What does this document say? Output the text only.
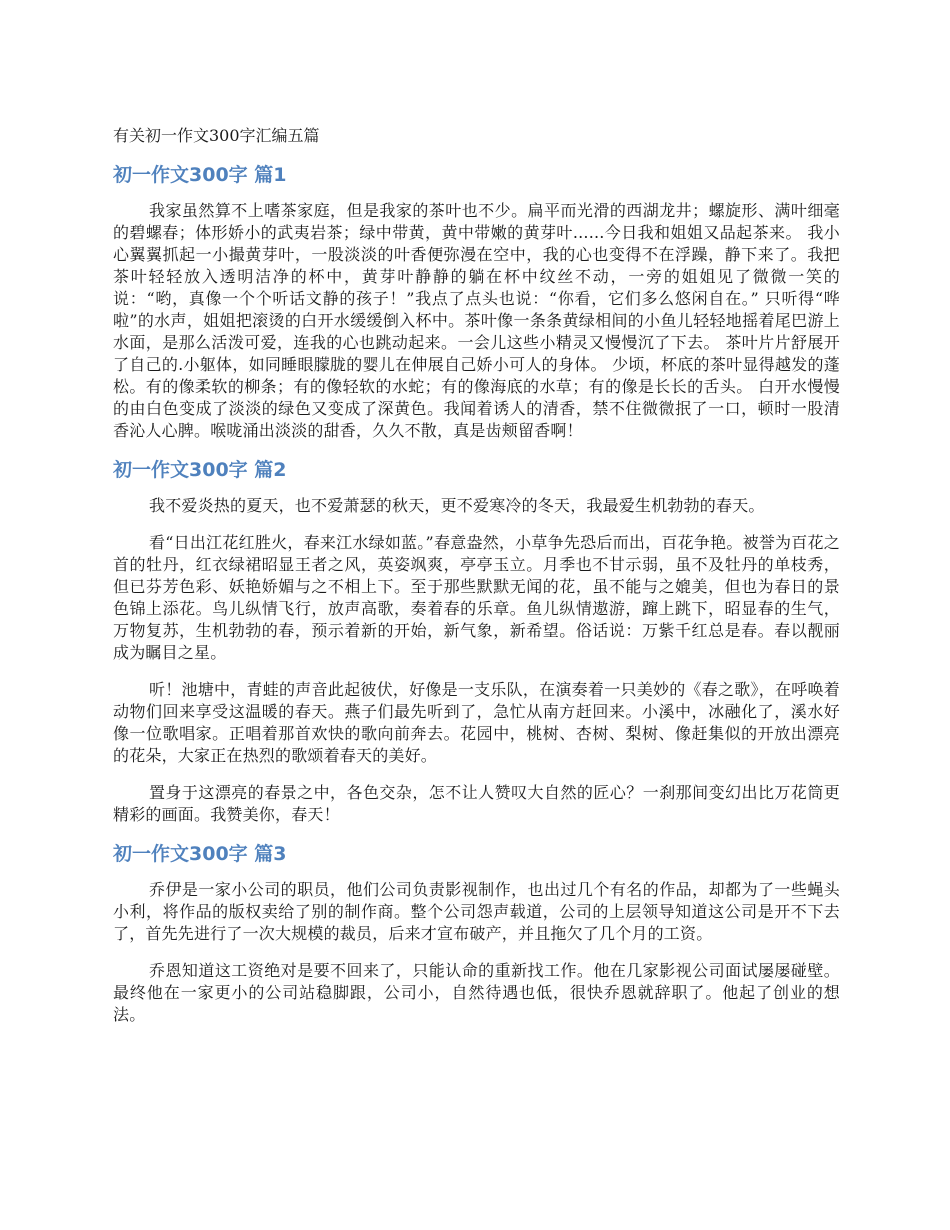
有关初一作文300字汇编五篇
初一作文300字 篇1

我家虽然算不上嗜茶家庭，但是我家的茶叶也不少。扁平而光滑的西湖龙井；螺旋形、满叶细毫的碧螺春；体形娇小的武夷岩茶；绿中带黄，黄中带嫩的黄芽叶......今日我和姐姐又品起茶来。 我小心翼翼抓起一小撮黄芽叶，一股淡淡的叶香便弥漫在空中，我的心也变得不在浮躁，静下来了。我把茶叶轻轻放入透明洁净的杯中，黄芽叶静静的躺在杯中纹丝不动，一旁的姐姐见了微微一笑的说：“哟，真像一个个听话文静的孩子！”我点了点头也说：“你看，它们多么悠闲自在。” 只听得“哗啦”的水声，姐姐把滚烫的白开水缓缓倒入杯中。茶叶像一条条黄绿相间的小鱼儿轻轻地摇着尾巴游上水面，是那么活泼可爱，连我的心也跳动起来。一会儿这些小精灵又慢慢沉了下去。 茶叶片片舒展开了自己的.小躯体，如同睡眼朦胧的婴儿在伸展自己娇小可人的身体。 少顷，杯底的茶叶显得越发的蓬松。有的像柔软的柳条；有的像轻软的水蛇；有的像海底的水草；有的像是长长的舌头。 白开水慢慢的由白色变成了淡淡的绿色又变成了深黄色。我闻着诱人的清香，禁不住微微抿了一口，顿时一股清香沁人心脾。喉咙涌出淡淡的甜香，久久不散，真是齿颊留香啊！

初一作文300字 篇2

我不爱炎热的夏天，也不爱萧瑟的秋天，更不爱寒冷的冬天，我最爱生机勃勃的春天。

看“日出江花红胜火，春来江水绿如蓝。”春意盎然，小草争先恐后而出，百花争艳。被誉为百花之首的牡丹，红衣绿裙昭显王者之风，英姿飒爽，亭亭玉立。月季也不甘示弱，虽不及牡丹的单枝秀，但已芬芳色彩、妖艳娇媚与之不相上下。至于那些默默无闻的花，虽不能与之媲美，但也为春日的景色锦上添花。鸟儿纵情飞行，放声高歌，奏着春的乐章。鱼儿纵情遨游，蹿上跳下，昭显春的生气，万物复苏，生机勃勃的春，预示着新的开始，新气象，新希望。俗话说：万紫千红总是春。春以靓丽成为瞩目之星。

听！池塘中，青蛙的声音此起彼伏，好像是一支乐队，在演奏着一只美妙的《春之歌》，在呼唤着动物们回来享受这温暖的春天。燕子们最先听到了，急忙从南方赶回来。小溪中，冰融化了，溪水好像一位歌唱家。正唱着那首欢快的歌向前奔去。花园中，桃树、杏树、梨树、像赶集似的开放出漂亮的花朵，大家正在热烈的歌颂着春天的美好。

置身于这漂亮的春景之中，各色交杂，怎不让人赞叹大自然的匠心？一刹那间变幻出比万花筒更精彩的画面。我赞美你，春天！

初一作文300字 篇3

乔伊是一家小公司的职员，他们公司负责影视制作，也出过几个有名的作品，却都为了一些蝇头小利，将作品的版权卖给了别的制作商。整个公司怨声载道，公司的上层领导知道这公司是开不下去了，首先先进行了一次大规模的裁员，后来才宣布破产，并且拖欠了几个月的工资。

乔恩知道这工资绝对是要不回来了，只能认命的重新找工作。他在几家影视公司面试屡屡碰壁。最终他在一家更小的公司站稳脚跟，公司小，自然待遇也低，很快乔恩就辞职了。他起了创业的想法。
